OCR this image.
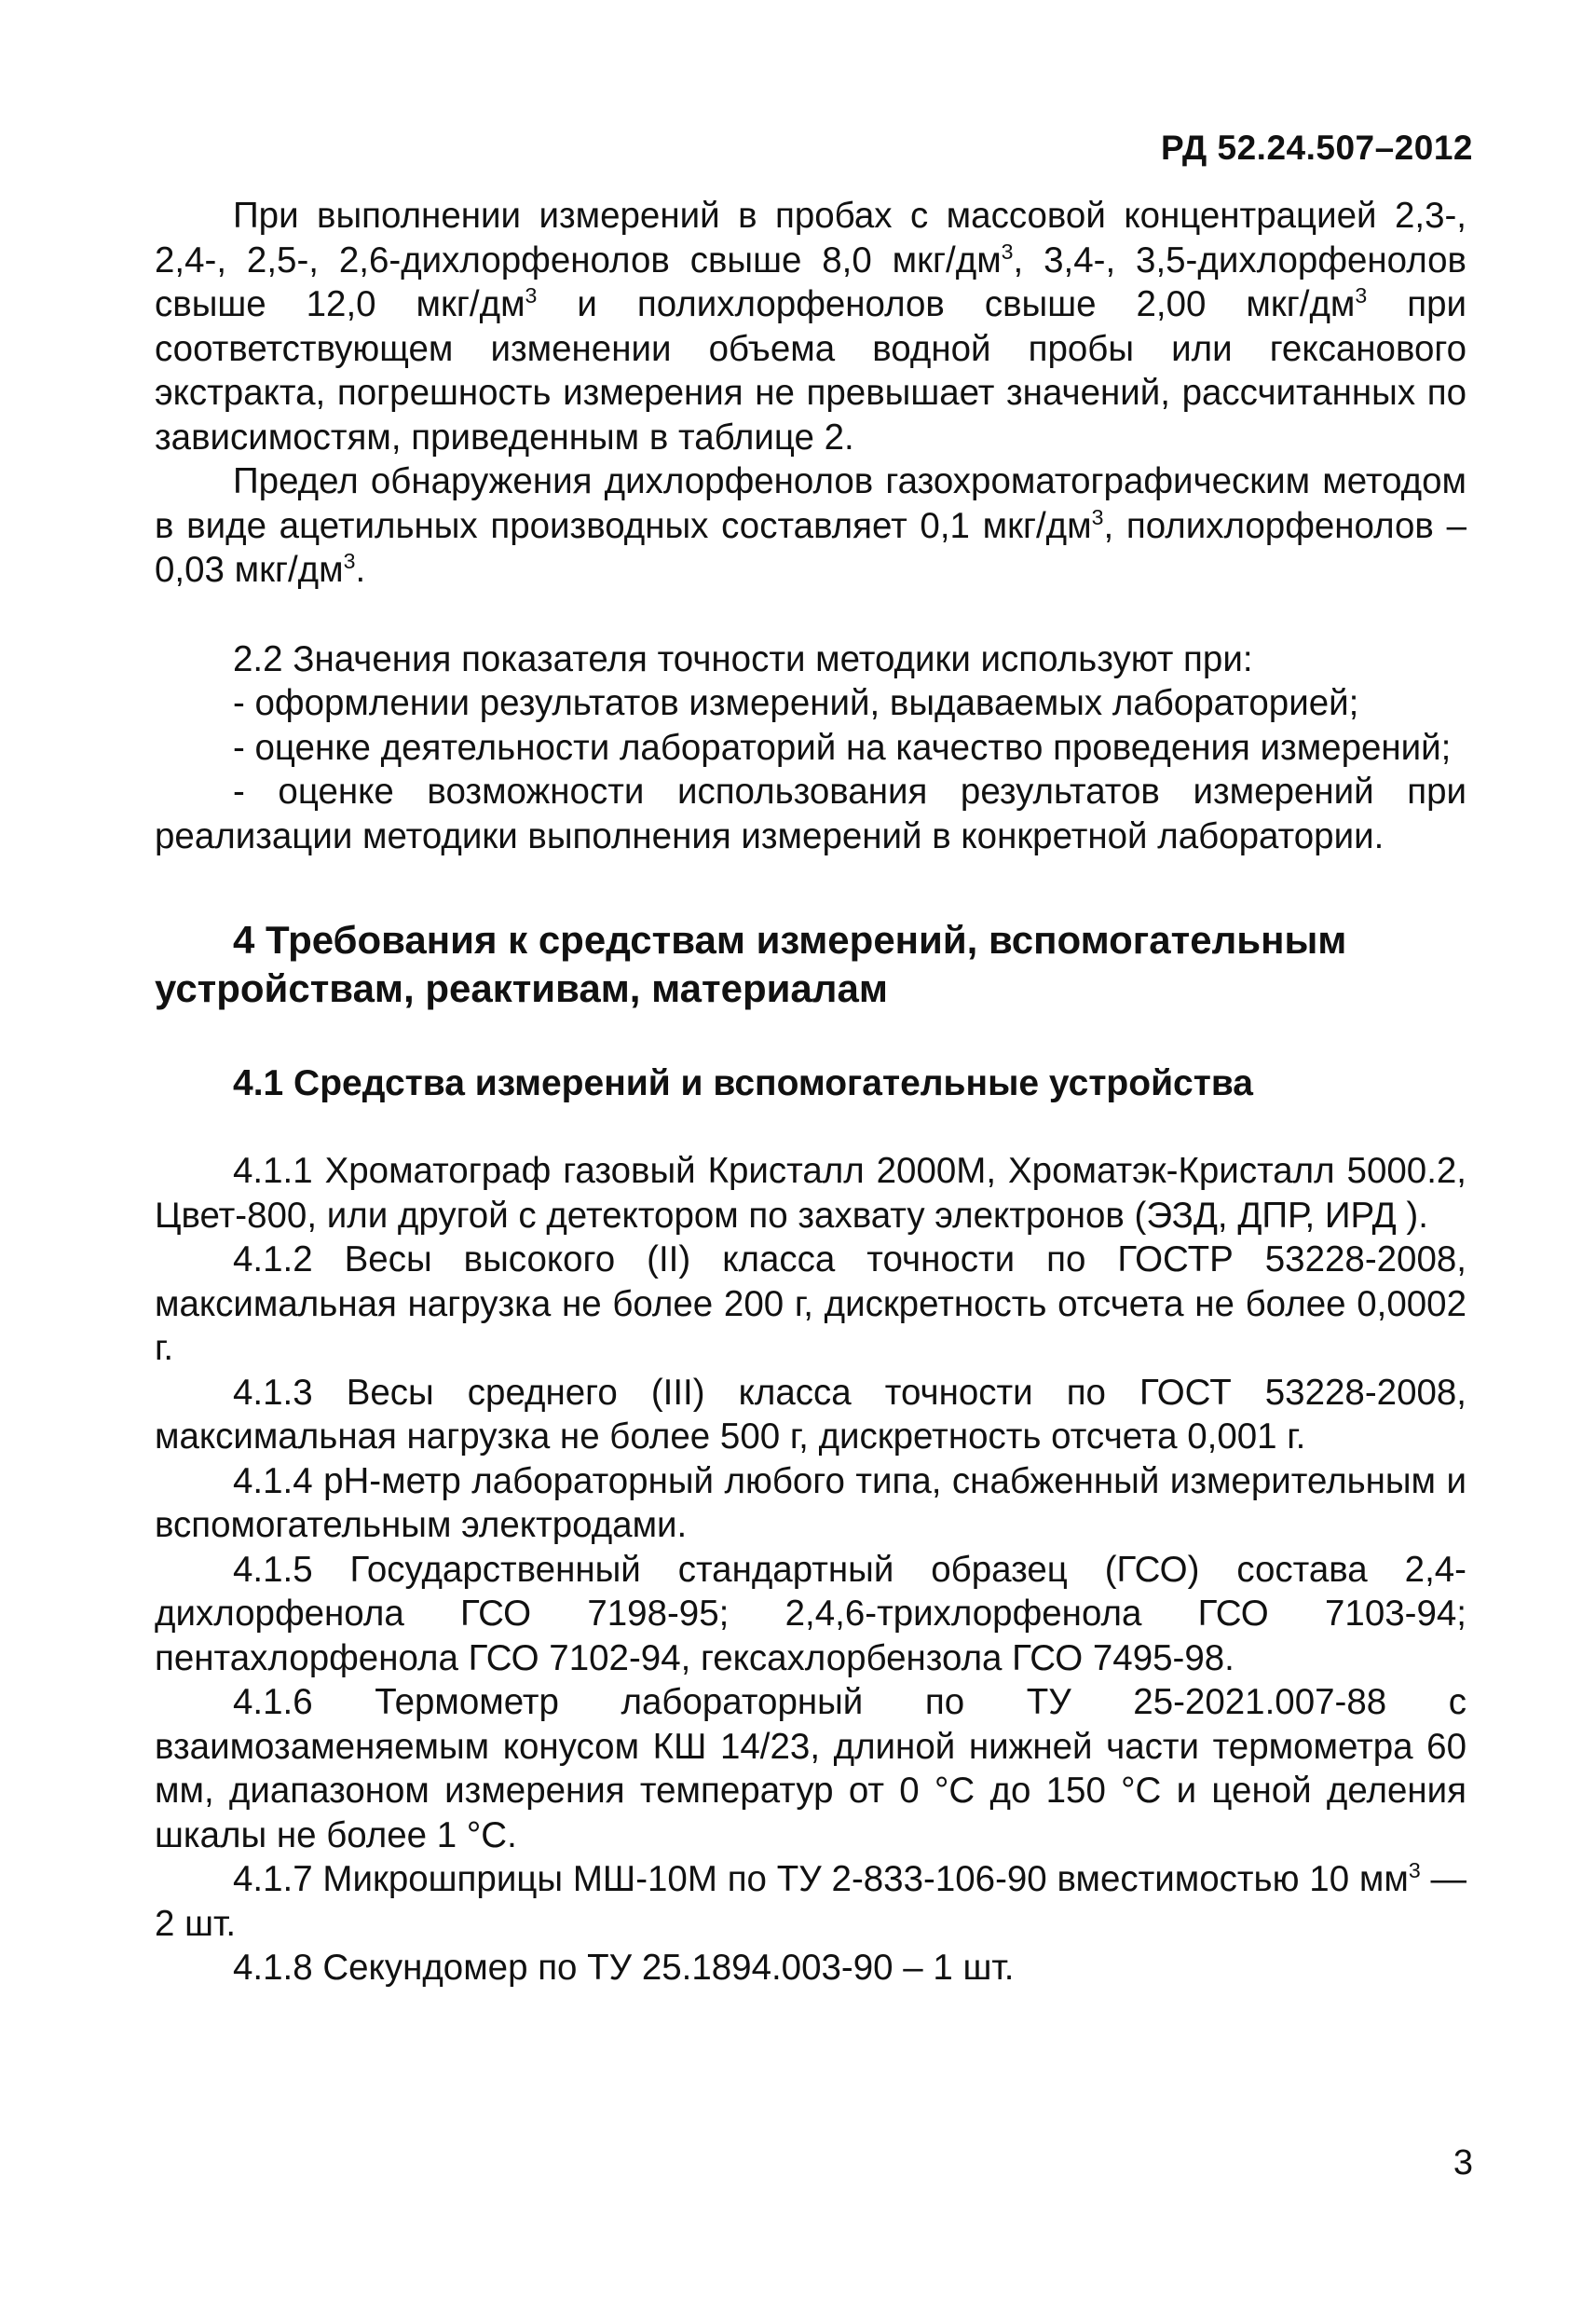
РД 52.24.507–2012

При выполнении измерений в пробах с массовой концентрацией 2,3-, 2,4-, 2,5-, 2,6-дихлорфенолов свыше 8,0 мкг/$дм^3$, 3,4-, 3,5-дихлорфенолов свыше 12,0 мкг/$дм^3$ и полихлорфенолов свыше 2,00 мкг/$дм^3$ при соответствующем изменении объема водной пробы или гексанового экстракта, погрешность измерения не превышает значений, рассчитанных по зависимостям, приведенным в таблице 2.

Предел обнаружения дихлорфенолов газохроматографическим методом в виде ацетильных производных составляет 0,1 мкг/$дм^3$, полихлорфенолов – 0,03 мкг/$дм^3$.

2.2 Значения показателя точности методики используют при:

- оформлении результатов измерений, выдаваемых лабораторией;

- оценке деятельности лабораторий на качество проведения измерений;

- оценке возможности использования результатов измерений при реализации методики выполнения измерений в конкретной лаборатории.

4 Требования к средствам измерений, вспомогательным устройствам, реактивам, материалам

4.1 Средства измерений и вспомогательные устройства

4.1.1 Хроматограф газовый Кристалл 2000М, Хроматэк-Кристалл 5000.2, Цвет-800, или другой с детектором по захвату электронов (ЭЗД, ДПР, ИРД ).

4.1.2 Весы высокого (II) класса точности по ГОСТР 53228-2008, максимальная нагрузка не более 200 г, дискретность отсчета не более 0,0002 г.

4.1.3 Весы среднего (III) класса точности по ГОСТ 53228-2008, максимальная нагрузка не более 500 г, дискретность отсчета 0,001 г.

4.1.4 рН-метр лабораторный любого типа, снабженный измерительным и вспомогательным электродами.

4.1.5 Государственный стандартный образец (ГСО) состава 2,4-дихлорфенола ГСО 7198-95; 2,4,6-трихлорфенола ГСО 7103-94; пентахлорфенола ГСО 7102-94, гексахлорбензола ГСО 7495-98.

4.1.6 Термометр лабораторный по ТУ 25-2021.007-88 с взаимозаменяемым конусом КШ 14/23, длиной нижней части термометра 60 мм, диапазоном измерения температур от 0 °С до 150 °С и ценой деления шкалы не более 1 °С.

4.1.7 Микрошприцы МШ-10М по ТУ 2-833-106-90 вместимостью 10 $мм^3$ — 2 шт.

4.1.8 Секундомер по ТУ 25.1894.003-90 – 1 шт.

3
